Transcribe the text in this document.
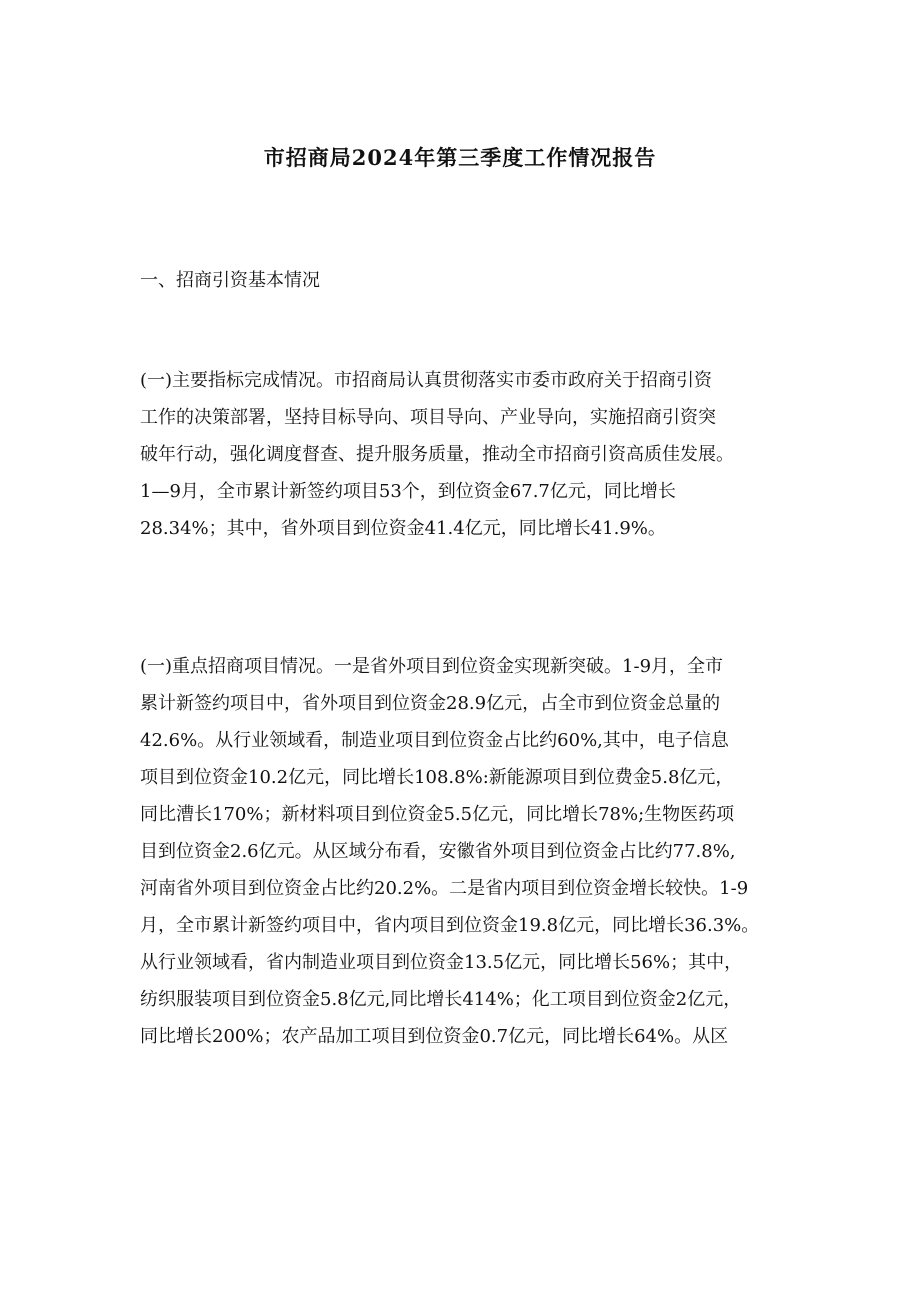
市招商局2024年第三季度工作情况报告
一、招商引资基本情况
(一)主要指标完成情况。市招商局认真贯彻落实市委市政府关于招商引资
工作的决策部署，坚持目标导向、项目导向、产业导向，实施招商引资突
破年行动，强化调度督查、提升服务质量，推动全市招商引资高质佳发展。
1—9月，全市累计新签约项目53个，到位资金67.7亿元，同比增长
28.34%；其中，省外项目到位资金41.4亿元，同比增长41.9%。
(一)重点招商项目情况。一是省外项目到位资金实现新突破。1-9月，全市
累计新签约项目中，省外项目到位资金28.9亿元，占全市到位资金总量的
42.6%。从行业领域看，制造业项目到位资金占比约60%,其中，电子信息
项目到位资金10.2亿元，同比增长108.8%:新能源项目到位费金5.8亿元，
同比漕长170%；新材料项目到位资金5.5亿元，同比增长78%;生物医药项
目到位资金2.6亿元。从区域分布看，安徽省外项目到位资金占比约77.8%,
河南省外项目到位资金占比约20.2%。二是省内项目到位资金增长较快。1-9
月，全市累计新签约项目中，省内项目到位资金19.8亿元，同比增长36.3%。
从行业领域看，省内制造业项目到位资金13.5亿元，同比增长56%；其中，
纺织服装项目到位资金5.8亿元,同比增长414%；化工项目到位资金2亿元，
同比增长200%；农产品加工项目到位资金0.7亿元，同比增长64%。从区
